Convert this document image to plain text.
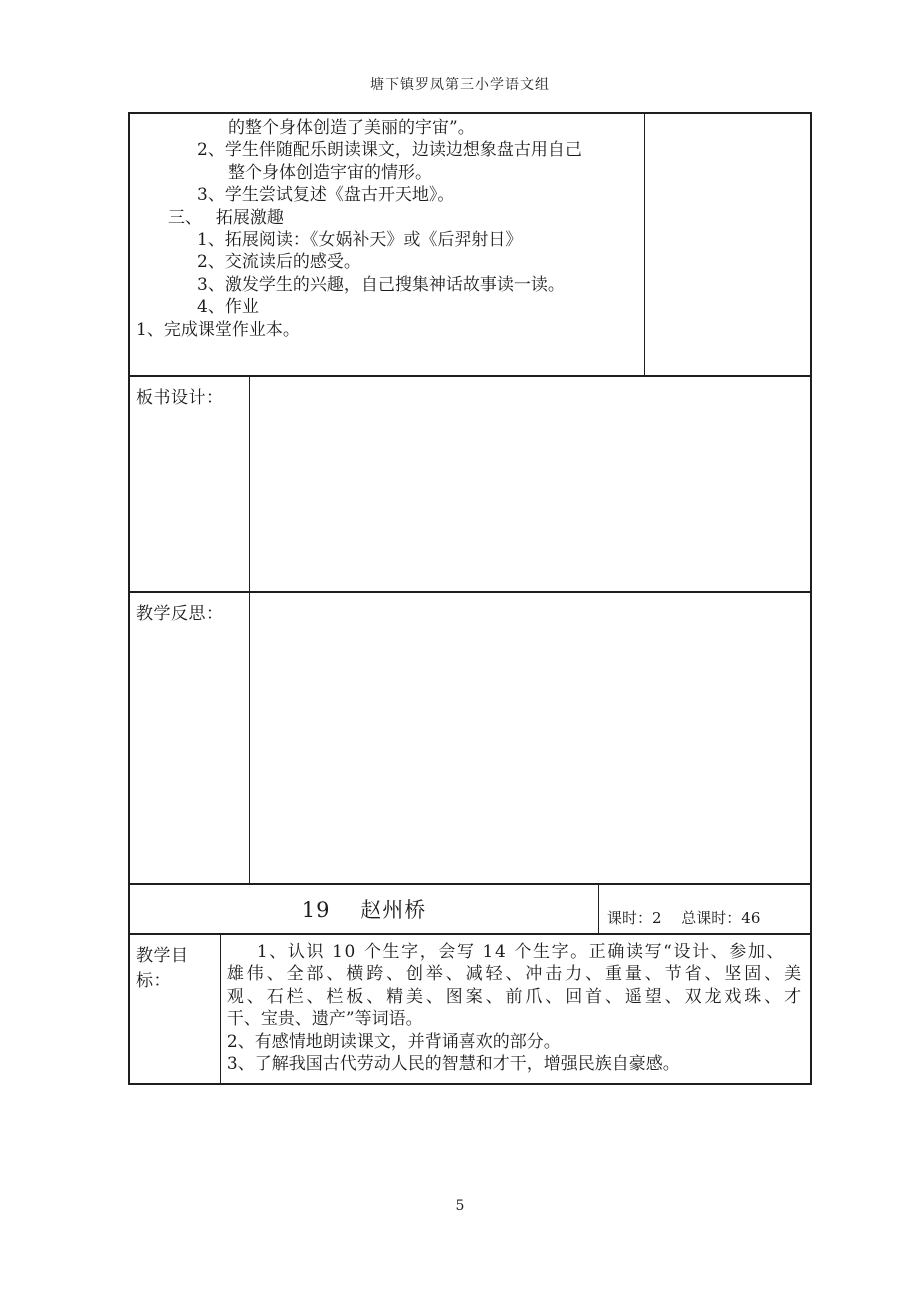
塘下镇罗凤第三小学语文组
的整个身体创造了美丽的宇宙”。
2、学生伴随配乐朗读课文，边读边想象盘古用自己
整个身体创造宇宙的情形。
3、学生尝试复述《盘古开天地》。
三、　 拓展激趣
1、拓展阅读：《女娲补天》或《后羿射日》
2、交流读后的感受。
3、激发学生的兴趣，自己搜集神话故事读一读。
4、作业
1、完成课堂作业本。
板书设计：
教学反思：
19　 赵州桥	课时：2　 总课时：46
教学目标：
1、认识 10 个生字，会写 14 个生字。正确读写“设计、参加、
雄伟、全部、横跨、创举、减轻、冲击力、重量、节省、坚固、美
观、石栏、栏板、精美、图案、前爪、回首、遥望、双龙戏珠、才
干、宝贵、遗产”等词语。
2、有感情地朗读课文，并背诵喜欢的部分。
3、了解我国古代劳动人民的智慧和才干，增强民族自豪感。
5
